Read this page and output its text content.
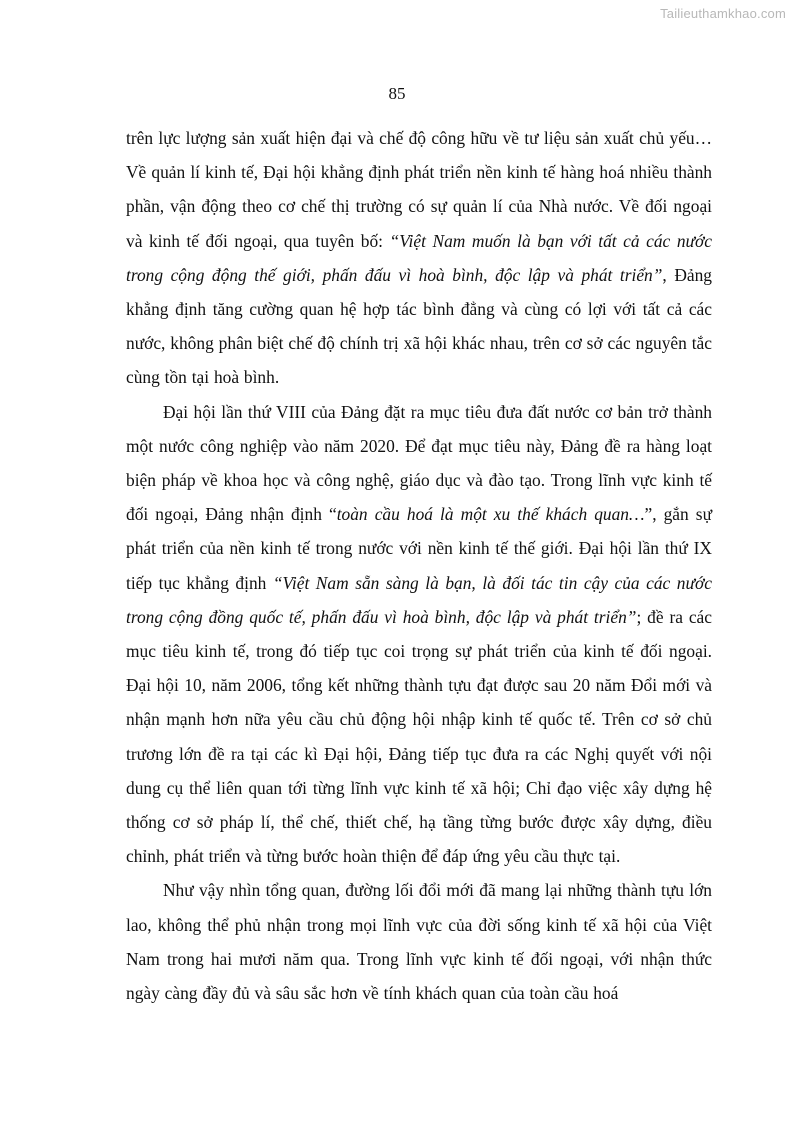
Tailieuthamkhao.com
85

trên lực lượng sản xuất hiện đại và chế độ công hữu về tư liệu sản xuất chủ yếu… Về quản lí kinh tế, Đại hội khẳng định phát triển nền kinh tế hàng hoá nhiều thành phần, vận động theo cơ chế thị trường có sự quản lí của Nhà nước. Về đối ngoại và kinh tế đối ngoại, qua tuyên bố: “Việt Nam muốn là bạn với tất cả các nước trong cộng động thế giới, phấn đấu vì hoà bình, độc lập và phát triển”, Đảng khẳng định tăng cường quan hệ hợp tác bình đẳng và cùng có lợi với tất cả các nước, không phân biệt chế độ chính trị xã hội khác nhau, trên cơ sở các nguyên tắc cùng tồn tại hoà bình.

Đại hội lần thứ VIII của Đảng đặt ra mục tiêu đưa đất nước cơ bản trở thành một nước công nghiệp vào năm 2020. Để đạt mục tiêu này, Đảng đề ra hàng loạt biện pháp về khoa học và công nghệ, giáo dục và đào tạo. Trong lĩnh vực kinh tế đối ngoại, Đảng nhận định “toàn cầu hoá là một xu thế khách quan…”, gắn sự phát triển của nền kinh tế trong nước với nền kinh tế thế giới. Đại hội lần thứ IX tiếp tục khẳng định “Việt Nam sẵn sàng là bạn, là đối tác tin cậy của các nước trong cộng đồng quốc tế, phấn đấu vì hoà bình, độc lập và phát triển”; đề ra các mục tiêu kinh tế, trong đó tiếp tục coi trọng sự phát triển của kinh tế đối ngoại. Đại hội 10, năm 2006, tổng kết những thành tựu đạt được sau 20 năm Đổi mới và nhận mạnh hơn nữa yêu cầu chủ động hội nhập kinh tế quốc tế. Trên cơ sở chủ trương lớn đề ra tại các kì Đại hội, Đảng tiếp tục đưa ra các Nghị quyết với nội dung cụ thể liên quan tới từng lĩnh vực kinh tế xã hội; Chỉ đạo việc xây dựng hệ thống cơ sở pháp lí, thể chế, thiết chế, hạ tầng từng bước được xây dựng, điều chỉnh, phát triển và từng bước hoàn thiện để đáp ứng yêu cầu thực tại.

Như vậy nhìn tổng quan, đường lối đổi mới đã mang lại những thành tựu lớn lao, không thể phủ nhận trong mọi lĩnh vực của đời sống kinh tế xã hội của Việt Nam trong hai mươi năm qua. Trong lĩnh vực kinh tế đối ngoại, với nhận thức ngày càng đầy đủ và sâu sắc hơn về tính khách quan của toàn cầu hoá
